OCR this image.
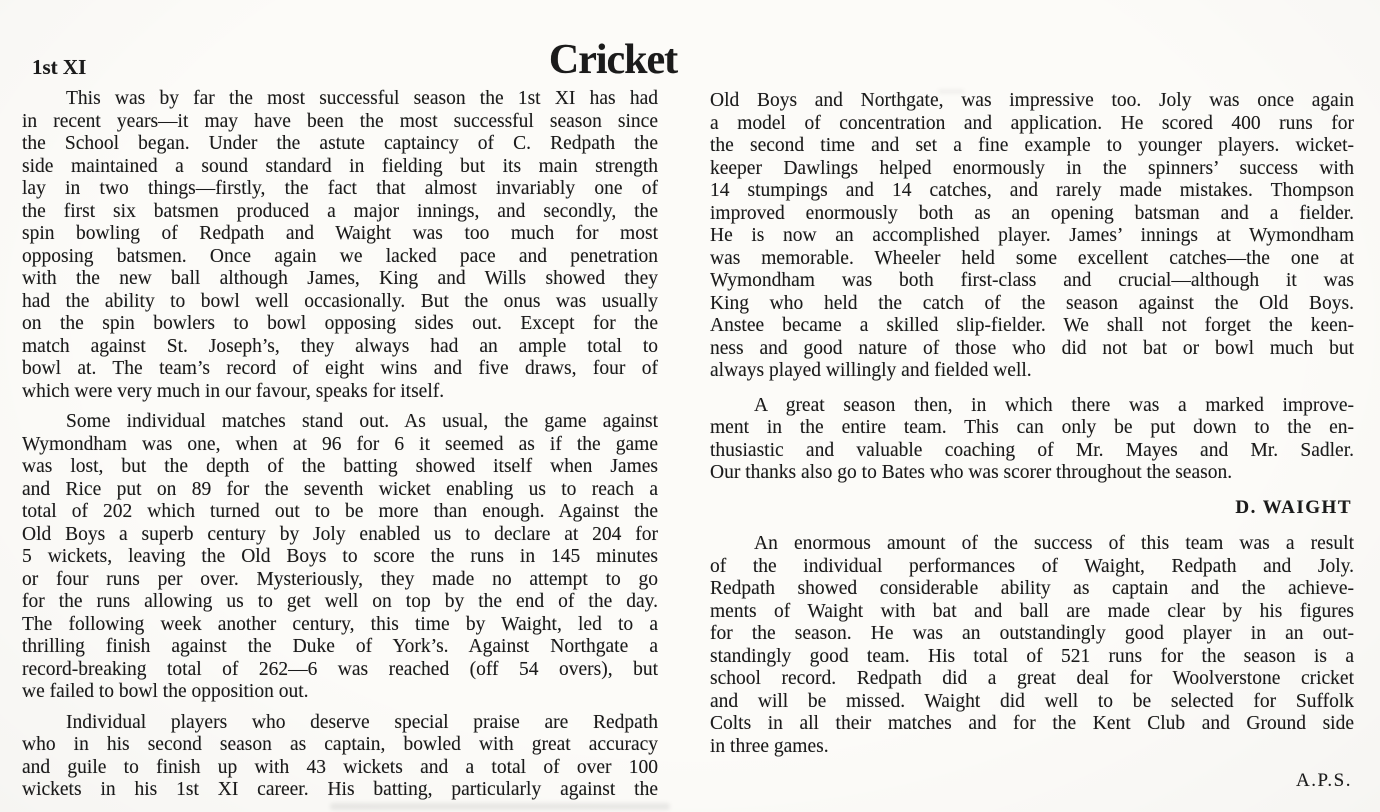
Cricket
1st XI
This was by far the most successful season the 1st XI has had
in recent years—it may have been the most successful season since
the School began. Under the astute captaincy of C. Redpath the
side maintained a sound standard in fielding but its main strength
lay in two things—firstly, the fact that almost invariably one of
the first six batsmen produced a major innings, and secondly, the
spin bowling of Redpath and Waight was too much for most
opposing batsmen. Once again we lacked pace and penetration
with the new ball although James, King and Wills showed they
had the ability to bowl well occasionally. But the onus was usually
on the spin bowlers to bowl opposing sides out. Except for the
match against St. Joseph’s, they always had an ample total to
bowl at. The team’s record of eight wins and five draws, four of
which were very much in our favour, speaks for itself.
Some individual matches stand out. As usual, the game against
Wymondham was one, when at 96 for 6 it seemed as if the game
was lost, but the depth of the batting showed itself when James
and Rice put on 89 for the seventh wicket enabling us to reach a
total of 202 which turned out to be more than enough. Against the
Old Boys a superb century by Joly enabled us to declare at 204 for
5 wickets, leaving the Old Boys to score the runs in 145 minutes
or four runs per over. Mysteriously, they made no attempt to go
for the runs allowing us to get well on top by the end of the day.
The following week another century, this time by Waight, led to a
thrilling finish against the Duke of York’s. Against Northgate a
record-breaking total of 262—6 was reached (off 54 overs), but
we failed to bowl the opposition out.
Individual players who deserve special praise are Redpath
who in his second season as captain, bowled with great accuracy
and guile to finish up with 43 wickets and a total of over 100
wickets in his 1st XI career. His batting, particularly against the
Old Boys and Northgate, was impressive too. Joly was once again
a model of concentration and application. He scored 400 runs for
the second time and set a fine example to younger players. wicket-
keeper Dawlings helped enormously in the spinners’ success with
14 stumpings and 14 catches, and rarely made mistakes. Thompson
improved enormously both as an opening batsman and a fielder.
He is now an accomplished player. James’ innings at Wymondham
was memorable. Wheeler held some excellent catches—the one at
Wymondham was both first-class and crucial—although it was
King who held the catch of the season against the Old Boys.
Anstee became a skilled slip-fielder. We shall not forget the keen-
ness and good nature of those who did not bat or bowl much but
always played willingly and fielded well.
A great season then, in which there was a marked improve-
ment in the entire team. This can only be put down to the en-
thusiastic and valuable coaching of Mr. Mayes and Mr. Sadler.
Our thanks also go to Bates who was scorer throughout the season.
D. WAIGHT
An enormous amount of the success of this team was a result
of the individual performances of Waight, Redpath and Joly.
Redpath showed considerable ability as captain and the achieve-
ments of Waight with bat and ball are made clear by his figures
for the season. He was an outstandingly good player in an out-
standingly good team. His total of 521 runs for the season is a
school record. Redpath did a great deal for Woolverstone cricket
and will be missed. Waight did well to be selected for Suffolk
Colts in all their matches and for the Kent Club and Ground side
in three games.
A.P.S.
